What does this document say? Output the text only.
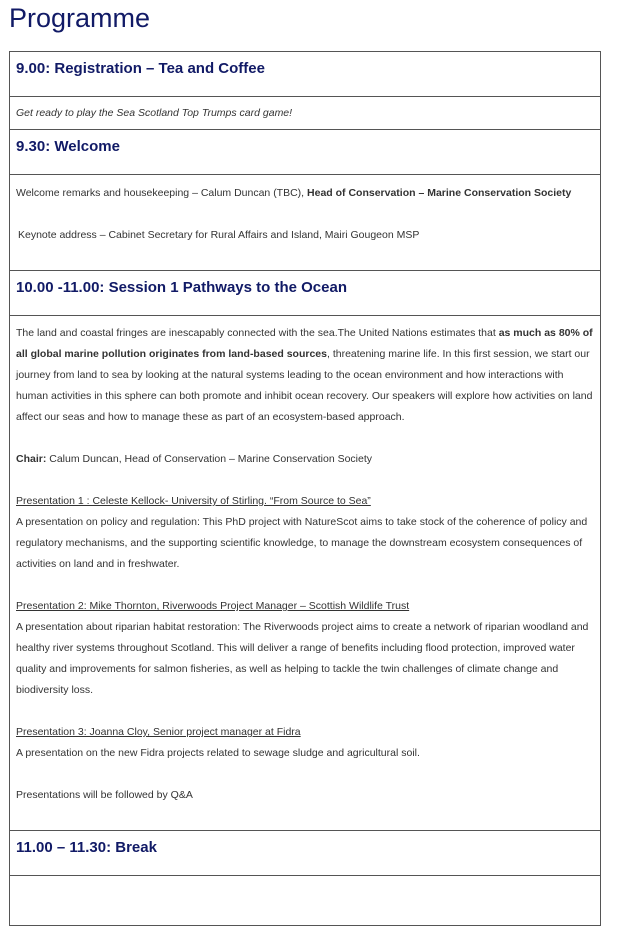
Programme
9.00: Registration – Tea and Coffee
Get ready to play the Sea Scotland Top Trumps card game!
9.30: Welcome

Welcome remarks and housekeeping – Calum Duncan (TBC), Head of Conservation – Marine Conservation Society

Keynote address – Cabinet Secretary for Rural Affairs and Island, Mairi Gougeon MSP

10.00 -11.00: Session 1 Pathways to the Ocean

The land and coastal fringes are inescapably connected with the sea.The United Nations estimates that as much as 80% of all global marine pollution originates from land-based sources, threatening marine life. In this first session, we start our journey from land to sea by looking at the natural systems leading to the ocean environment and how interactions with human activities in this sphere can both promote and inhibit ocean recovery. Our speakers will explore how activities on land affect our seas and how to manage these as part of an ecosystem-based approach.

Chair: Calum Duncan, Head of Conservation – Marine Conservation Society

Presentation 1 : Celeste Kellock- University of Stirling. “From Source to Sea”

A presentation on policy and regulation: This PhD project with NatureScot aims to take stock of the coherence of policy and regulatory mechanisms, and the supporting scientific knowledge, to manage the downstream ecosystem consequences of activities on land and in freshwater.

Presentation 2: Mike Thornton, Riverwoods Project Manager – Scottish Wildlife Trust

A presentation about riparian habitat restoration: The Riverwoods project aims to create a network of riparian woodland and healthy river systems throughout Scotland. This will deliver a range of benefits including flood protection, improved water quality and improvements for salmon fisheries, as well as helping to tackle the twin challenges of climate change and biodiversity loss.

Presentation 3: Joanna Cloy, Senior project manager at Fidra

A presentation on the new Fidra projects related to sewage sludge and agricultural soil.

Presentations will be followed by Q&A

11.00 – 11.30: Break
